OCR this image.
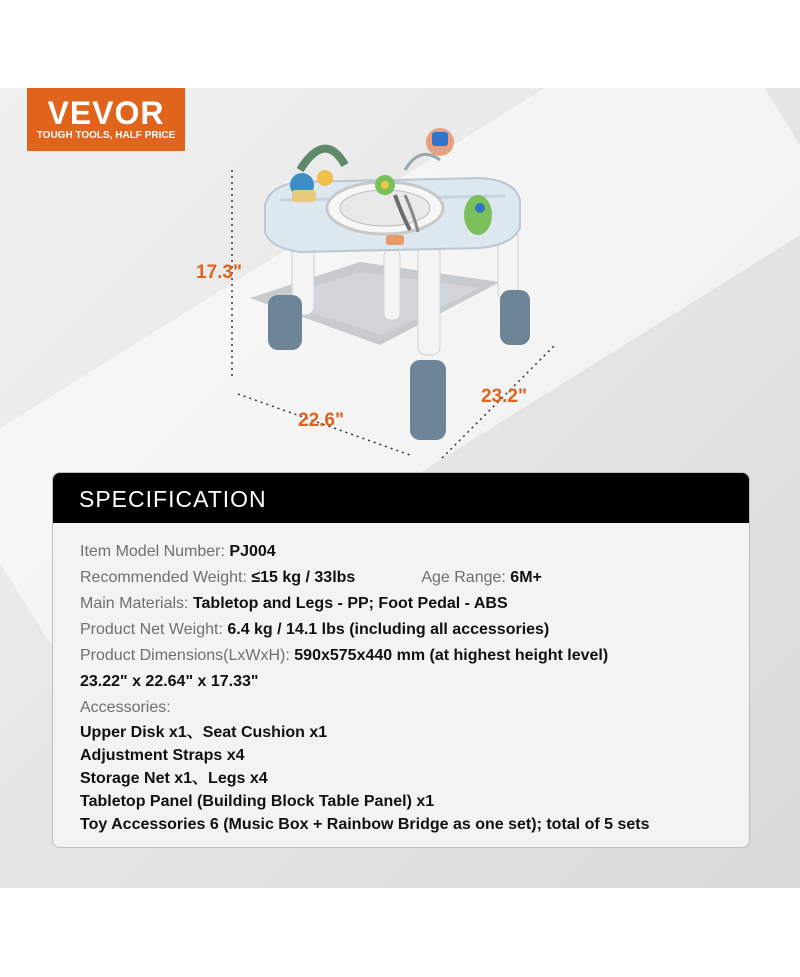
VEVOR
TOUGH TOOLS, HALF PRICE
17.3"
22.6"
23.2"
SPECIFICATION
Item Model Number: PJ004
Recommended Weight: ≤15 kg / 33lbs	Age Range: 6M+
Main Materials: Tabletop and Legs - PP; Foot Pedal - ABS
Product Net Weight: 6.4 kg / 14.1 lbs (including all accessories)
Product Dimensions(LxWxH): 590x575x440 mm (at highest height level)
23.22" x 22.64" x 17.33"
Accessories:
Upper Disk x1、Seat Cushion x1
Adjustment Straps x4
Storage Net x1、Legs x4
Tabletop Panel (Building Block Table Panel) x1
Toy Accessories 6 (Music Box + Rainbow Bridge as one set); total of 5 sets
